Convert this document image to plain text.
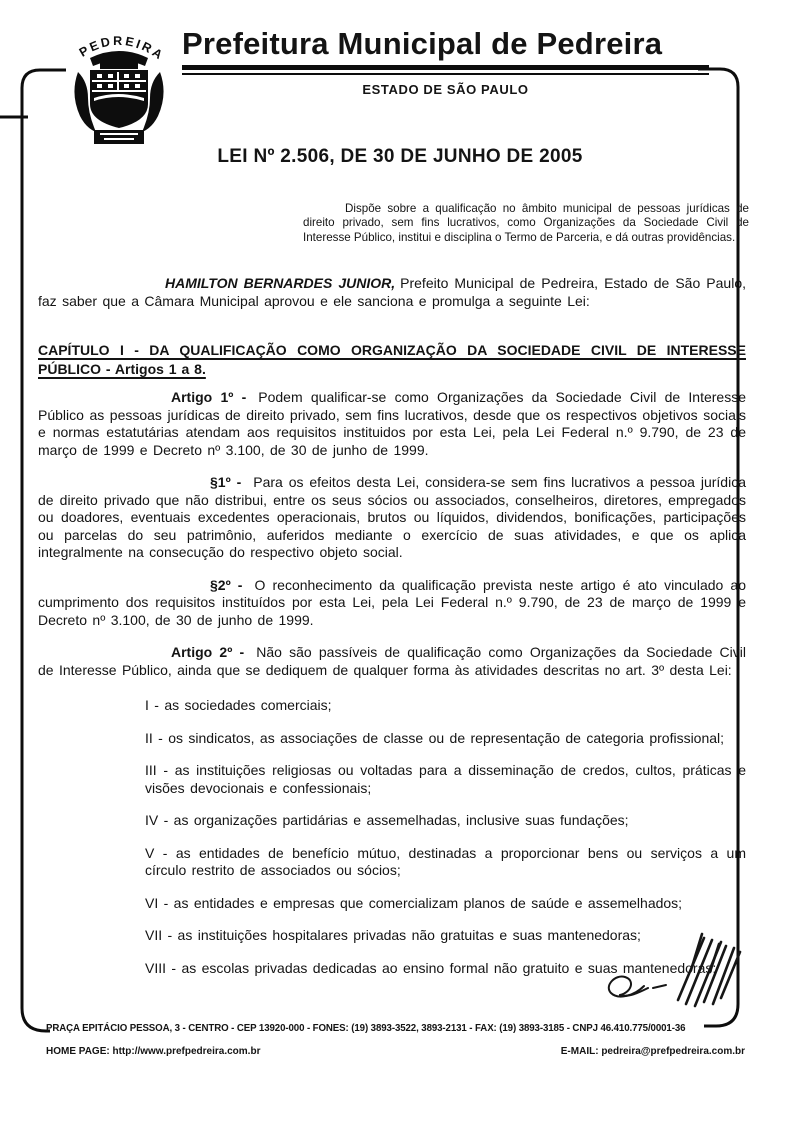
PEDREIRA Prefeitura Municipal de Pedreira
ESTADO DE SÃO PAULO
LEI Nº 2.506, DE 30 DE JUNHO DE 2005

Dispõe sobre a qualificação no âmbito municipal de pessoas jurídicas de direito privado, sem fins lucrativos, como Organizações da Sociedade Civil de Interesse Público, institui e disciplina o Termo de Parceria, e dá outras providências.

HAMILTON BERNARDES JUNIOR, Prefeito Municipal de Pedreira, Estado de São Paulo, faz saber que a Câmara Municipal aprovou e ele sanciona e promulga a seguinte Lei:

CAPÍTULO I - DA QUALIFICAÇÃO COMO ORGANIZAÇÃO DA SOCIEDADE CIVIL DE INTERESSE PÚBLICO - Artigos 1 a 8.

Artigo 1º - Podem qualificar-se como Organizações da Sociedade Civil de Interesse Público as pessoas jurídicas de direito privado, sem fins lucrativos, desde que os respectivos objetivos sociais e normas estatutárias atendam aos requisitos instituidos por esta Lei, pela Lei Federal n.º 9.790, de 23 de março de 1999 e Decreto nº 3.100, de 30 de junho de 1999.

§1º - Para os efeitos desta Lei, considera-se sem fins lucrativos a pessoa jurídica de direito privado que não distribui, entre os seus sócios ou associados, conselheiros, diretores, empregados ou doadores, eventuais excedentes operacionais, brutos ou líquidos, dividendos, bonificações, participações ou parcelas do seu patrimônio, auferidos mediante o exercício de suas atividades, e que os aplica integralmente na consecução do respectivo objeto social.

§2º - O reconhecimento da qualificação prevista neste artigo é ato vinculado ao cumprimento dos requisitos instituídos por esta Lei, pela Lei Federal n.º 9.790, de 23 de março de 1999 e Decreto nº 3.100, de 30 de junho de 1999.

Artigo 2º - Não são passíveis de qualificação como Organizações da Sociedade Civil de Interesse Público, ainda que se dediquem de qualquer forma às atividades descritas no art. 3º desta Lei:

I - as sociedades comerciais;

II - os sindicatos, as associações de classe ou de representação de categoria profissional;

III - as instituições religiosas ou voltadas para a disseminação de credos, cultos, práticas e visões devocionais e confessionais;

IV - as organizações partidárias e assemelhadas, inclusive suas fundações;

V - as entidades de benefício mútuo, destinadas a proporcionar bens ou serviços a um círculo restrito de associados ou sócios;

VI - as entidades e empresas que comercializam planos de saúde e assemelhados;

VII - as instituições hospitalares privadas não gratuitas e suas mantenedoras;

VIII - as escolas privadas dedicadas ao ensino formal não gratuito e suas mantenedoras;

PRAÇA EPITÁCIO PESSOA, 3 - CENTRO - CEP 13920-000 - FONES: (19) 3893-3522, 3893-2131 - FAX: (19) 3893-3185 - CNPJ 46.410.775/0001-36
HOME PAGE: http://www.prefpedreira.com.br	E-MAIL: pedreira@prefpedreira.com.br
